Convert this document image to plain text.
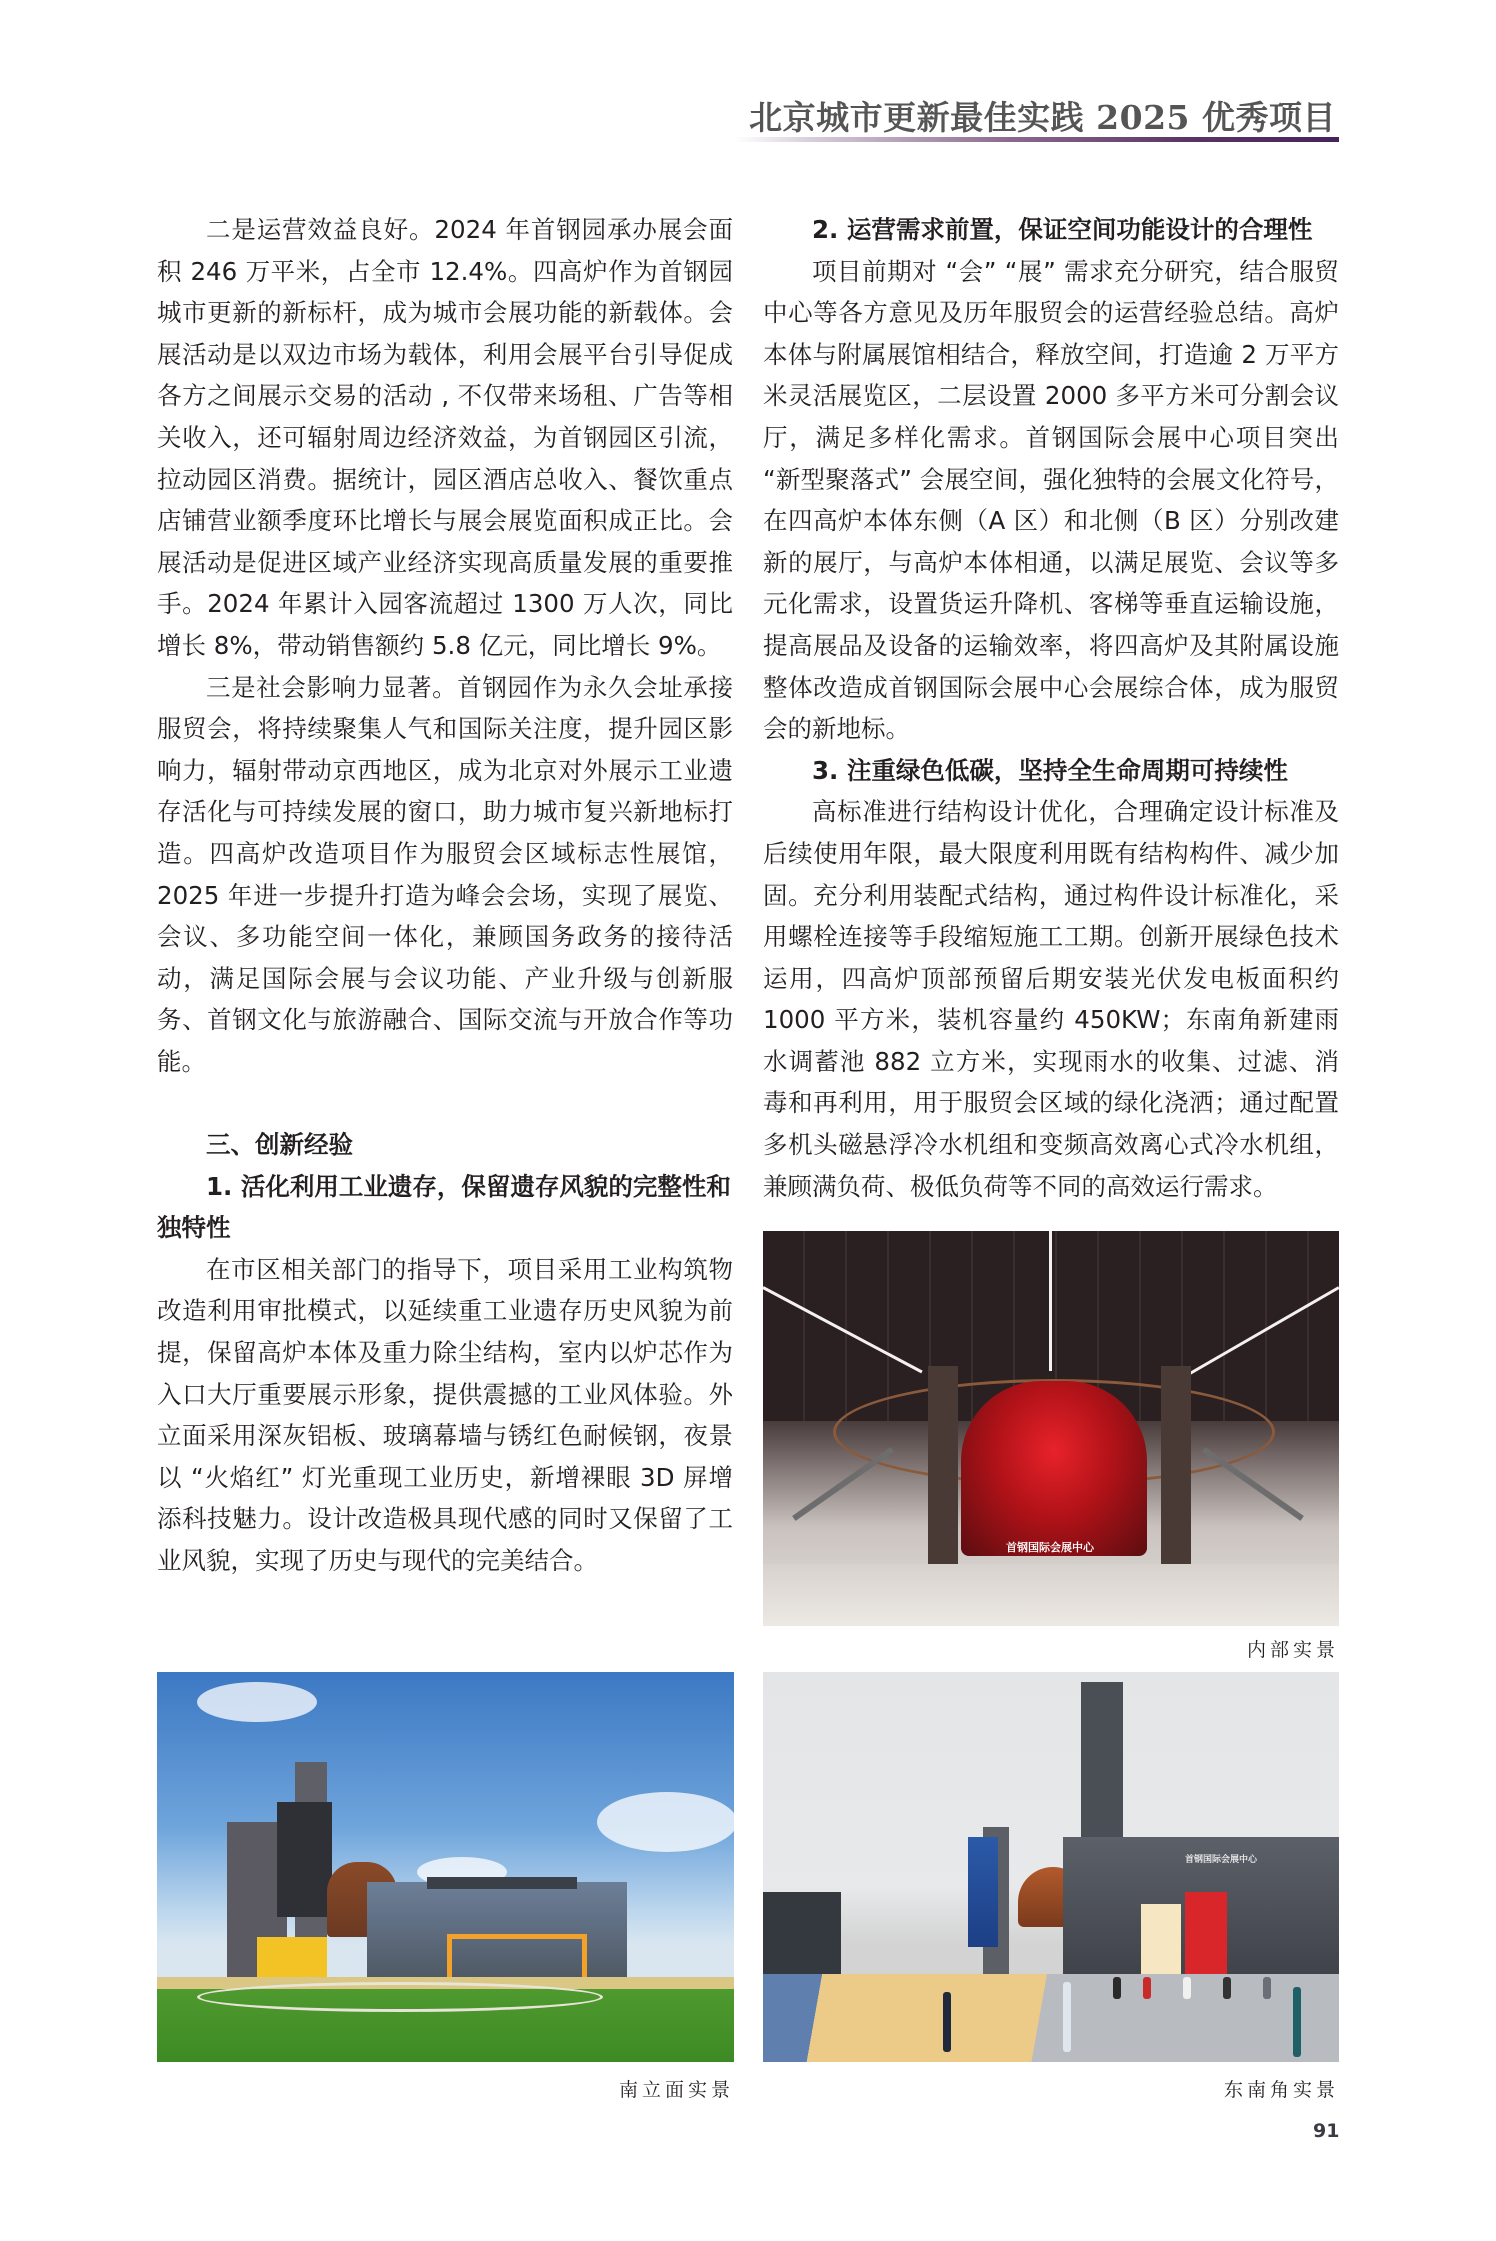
北京城市更新最佳实践 2025 优秀项目

二是运营效益良好。2024 年首钢园承办展会面积 246 万平米，占全市 12.4%。四高炉作为首钢园城市更新的新标杆，成为城市会展功能的新载体。会展活动是以双边市场为载体，利用会展平台引导促成各方之间展示交易的活动 , 不仅带来场租、广告等相关收入，还可辐射周边经济效益，为首钢园区引流，拉动园区消费。据统计，园区酒店总收入、餐饮重点店铺营业额季度环比增长与展会展览面积成正比。会展活动是促进区域产业经济实现高质量发展的重要推手。2024 年累计入园客流超过 1300 万人次，同比增长 8%，带动销售额约 5.8 亿元，同比增长 9%。

三是社会影响力显著。首钢园作为永久会址承接服贸会，将持续聚集人气和国际关注度，提升园区影响力，辐射带动京西地区，成为北京对外展示工业遗存活化与可持续发展的窗口，助力城市复兴新地标打造。四高炉改造项目作为服贸会区域标志性展馆，2025 年进一步提升打造为峰会会场，实现了展览、会议、多功能空间一体化，兼顾国务政务的接待活动，满足国际会展与会议功能、产业升级与创新服务、首钢文化与旅游融合、国际交流与开放合作等功能。

三、创新经验
1. 活化利用工业遗存，保留遗存风貌的完整性和独特性

在市区相关部门的指导下，项目采用工业构筑物改造利用审批模式，以延续重工业遗存历史风貌为前提，保留高炉本体及重力除尘结构，室内以炉芯作为入口大厅重要展示形象，提供震撼的工业风体验。外立面采用深灰铝板、玻璃幕墙与锈红色耐候钢，夜景以 “火焰红” 灯光重现工业历史，新增裸眼 3D 屏增添科技魅力。设计改造极具现代感的同时又保留了工业风貌，实现了历史与现代的完美结合。

2. 运营需求前置，保证空间功能设计的合理性

项目前期对 “会” “展” 需求充分研究，结合服贸中心等各方意见及历年服贸会的运营经验总结。高炉本体与附属展馆相结合，释放空间，打造逾 2 万平方米灵活展览区，二层设置 2000 多平方米可分割会议厅，满足多样化需求。首钢国际会展中心项目突出 “新型聚落式” 会展空间，强化独特的会展文化符号，在四高炉本体东侧（A 区）和北侧（B 区）分别改建新的展厅，与高炉本体相通，以满足展览、会议等多元化需求，设置货运升降机、客梯等垂直运输设施，提高展品及设备的运输效率，将四高炉及其附属设施整体改造成首钢国际会展中心会展综合体，成为服贸会的新地标。

3. 注重绿色低碳，坚持全生命周期可持续性

高标准进行结构设计优化，合理确定设计标准及后续使用年限，最大限度利用既有结构构件、减少加固。充分利用装配式结构，通过构件设计标准化，采用螺栓连接等手段缩短施工工期。创新开展绿色技术运用，四高炉顶部预留后期安装光伏发电板面积约 1000 平方米，装机容量约 450KW；东南角新建雨水调蓄池 882 立方米，实现雨水的收集、过滤、消毒和再利用，用于服贸会区域的绿化浇洒；通过配置多机头磁悬浮冷水机组和变频高效离心式冷水机组，兼顾满负荷、极低负荷等不同的高效运行需求。

首钢国际会展中心
内部实景
南立面实景
首钢国际会展中心
东南角实景
91
